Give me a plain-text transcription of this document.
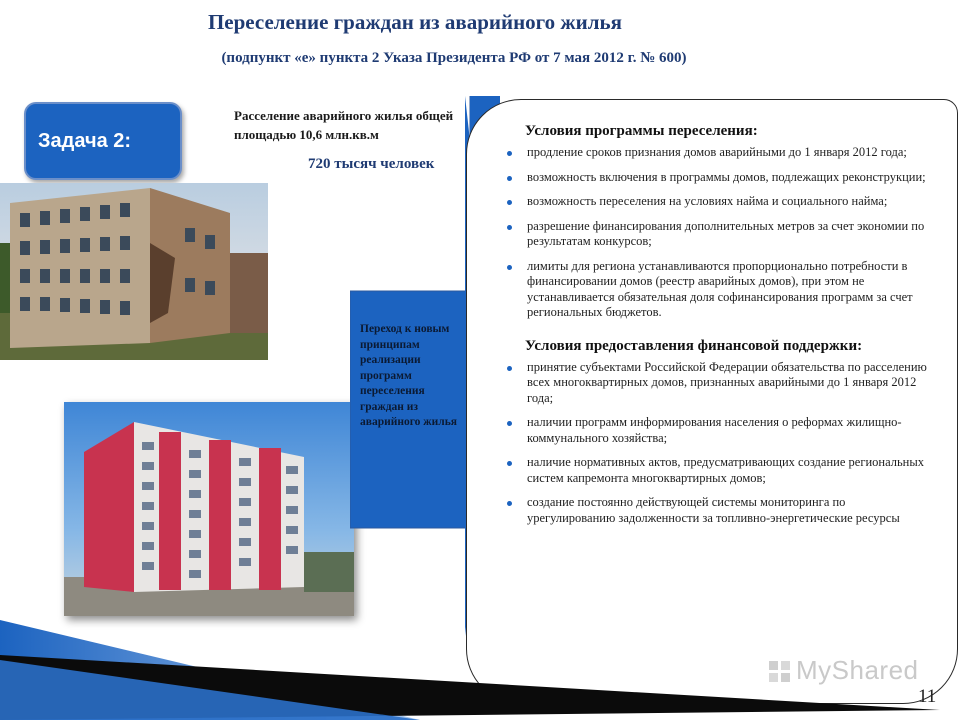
Переселение граждан из аварийного жилья
(подпункт «е» пункта 2 Указа Президента РФ от 7 мая 2012 г. № 600)
Задача 2:
Расселение аварийного жилья общей площадью 10,6 млн.кв.м
720 тысяч человек
Переход к новым принципам реализации программ переселения граждан из аварийного жилья
Условия программы переселения:
продление сроков признания домов аварийными до 1 января 2012 года;
возможность включения в программы домов, подлежащих реконструкции;
возможность переселения на условиях найма и социального найма;
разрешение финансирования дополнительных метров за счет экономии по результатам конкурсов;
лимиты для региона устанавливаются пропорционально потребности в финансировании домов (реестр аварийных домов), при этом не устанавливается обязательная доля софинансирования программ за счет региональных бюджетов.
Условия предоставления финансовой поддержки:
принятие субъектами Российской Федерации обязательства по расселению всех многоквартирных домов, признанных аварийными до 1 января 2012 года;
наличии программ информирования населения о реформах жилищно-коммунального хозяйства;
наличие нормативных актов, предусматривающих создание региональных систем капремонта многоквартирных домов;
создание постоянно действующей системы мониторинга по урегулированию задолженности за топливно-энергетические ресурсы
MyShared
11
